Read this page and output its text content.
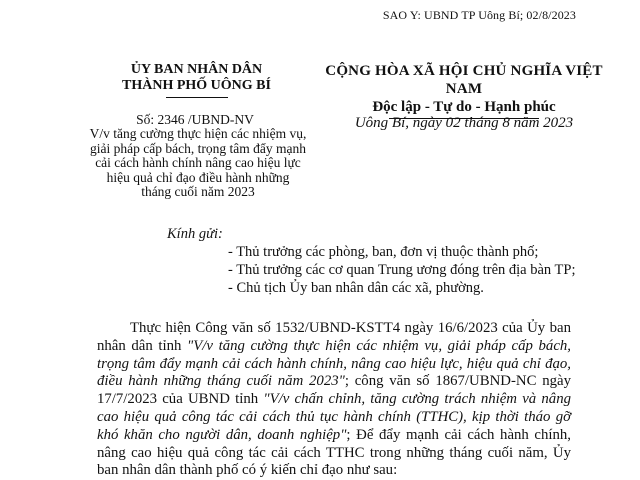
SAO Y: UBND TP Uông Bí; 02/8/2023
ỦY BAN NHÂN DÂN
THÀNH PHỐ UÔNG BÍ
CỘNG HÒA XÃ HỘI CHỦ NGHĨA VIỆT NAM
Độc lập - Tự do - Hạnh phúc
Số: 2346 /UBND-NV
V/v tăng cường thực hiện các nhiệm vụ,
giải pháp cấp bách, trọng tâm đẩy mạnh
cải cách hành chính nâng cao hiệu lực
hiệu quả chỉ đạo điều hành những
tháng cuối năm 2023
Uông Bí, ngày 02 tháng 8 năm 2023
Kính gửi:
- Thủ trưởng các phòng, ban, đơn vị thuộc thành phố;
- Thủ trưởng các cơ quan Trung ương đóng trên địa bàn TP;
- Chủ tịch Ủy ban nhân dân các xã, phường.

Thực hiện Công văn số 1532/UBND-KSTT4 ngày 16/6/2023 của Ủy ban nhân dân tỉnh "V/v tăng cường thực hiện các nhiệm vụ, giải pháp cấp bách, trọng tâm đẩy mạnh cải cách hành chính, nâng cao hiệu lực, hiệu quả chỉ đạo, điều hành những tháng cuối năm 2023"; công văn số 1867/UBND-NC ngày 17/7/2023 của UBND tỉnh "V/v chấn chỉnh, tăng cường trách nhiệm và nâng cao hiệu quả công tác cải cách thủ tục hành chính (TTHC), kịp thời tháo gỡ khó khăn cho người dân, doanh nghiệp"; Để đẩy mạnh cải cách hành chính, nâng cao hiệu quả công tác cải cách TTHC trong những tháng cuối năm, Ủy ban nhân dân thành phố có ý kiến chỉ đạo như sau:
